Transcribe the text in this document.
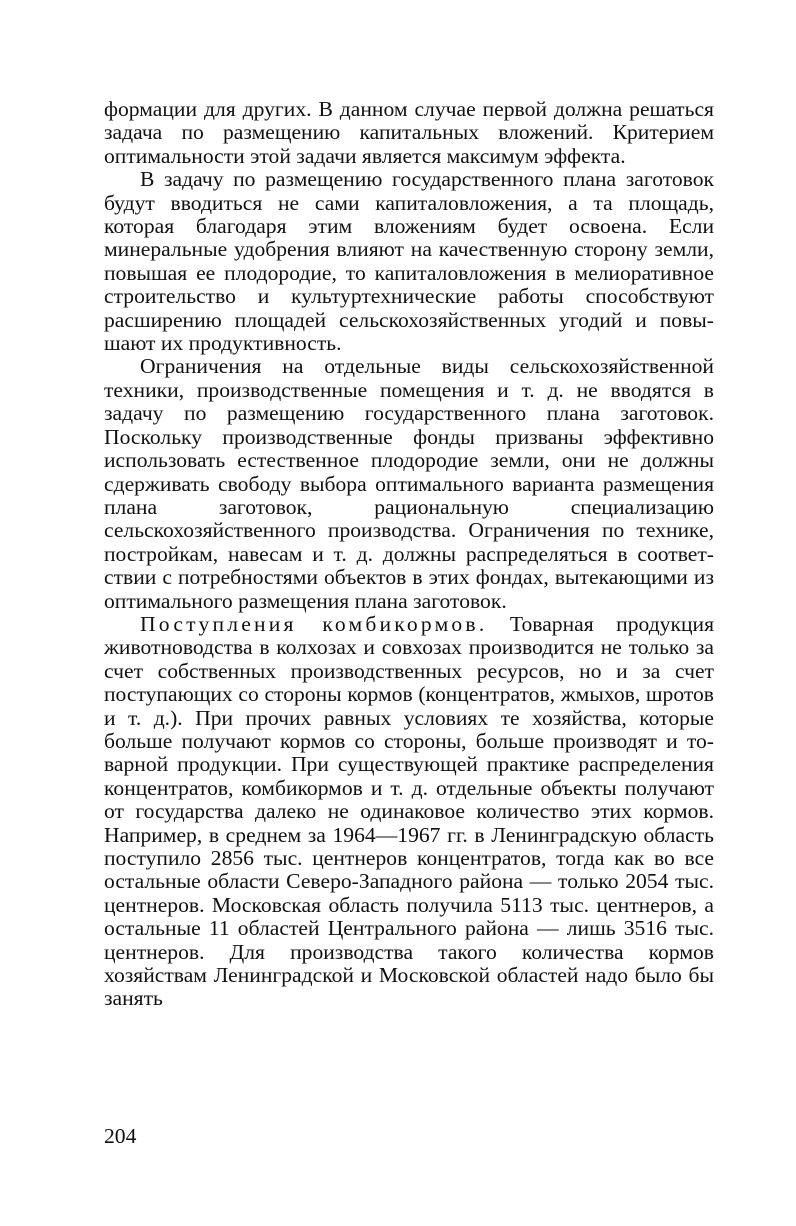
формации для других. В данном случае первой должна решаться задача по размещению капитальных вложений. Критерием оптимальности этой задачи является максимум эффекта.

В задачу по размещению государственного плана заготовок будут вводиться не сами капиталовложения, а та площадь, которая благодаря этим вложениям будет освоена. Если минеральные удобрения влияют на качественную сторону земли, повышая ее плодородие, то капиталовложения в мелиоративное строительство и культуртехнические работы способствуют расширению площадей сельскохозяйственных угодий и повышают их продуктивность.

Ограничения на отдельные виды сельскохозяйственной техники, производственные помещения и т. д. не вводятся в задачу по размещению государственного плана заготовок. Поскольку производственные фонды призваны эффективно использовать естественное плодородие земли, они не должны сдерживать свободу выбора оптимального варианта размещения плана заготовок, рациональную специализацию сельскохозяйственного производства. Ограничения по технике, постройкам, навесам и т. д. должны распределяться в соответствии с потребностями объектов в этих фондах, вытекающими из оптимального размещения плана заготовок.

Поступления комбикормов. Товарная продукция животноводства в колхозах и совхозах производится не только за счет собственных производственных ресурсов, но и за счет поступающих со стороны кормов (концентратов, жмыхов, шротов и т. д.). При прочих равных условиях те хозяйства, которые больше получают кормов со стороны, больше производят и товарной продукции. При существующей практике распределения концентратов, комбикормов и т. д. отдельные объекты получают от государства далеко не одинаковое количество этих кормов. Например, в среднем за 1964—1967 гг. в Ленинградскую область поступило 2856 тыс. центнеров концентратов, тогда как во все остальные области Северо-Западного района — только 2054 тыс. центнеров. Московская область получила 5113 тыс. центнеров, а остальные 11 областей Центрального района — лишь 3516 тыс. центнеров. Для производства такого количества кормов хозяйствам Ленинградской и Московской областей надо было бы занять

204
